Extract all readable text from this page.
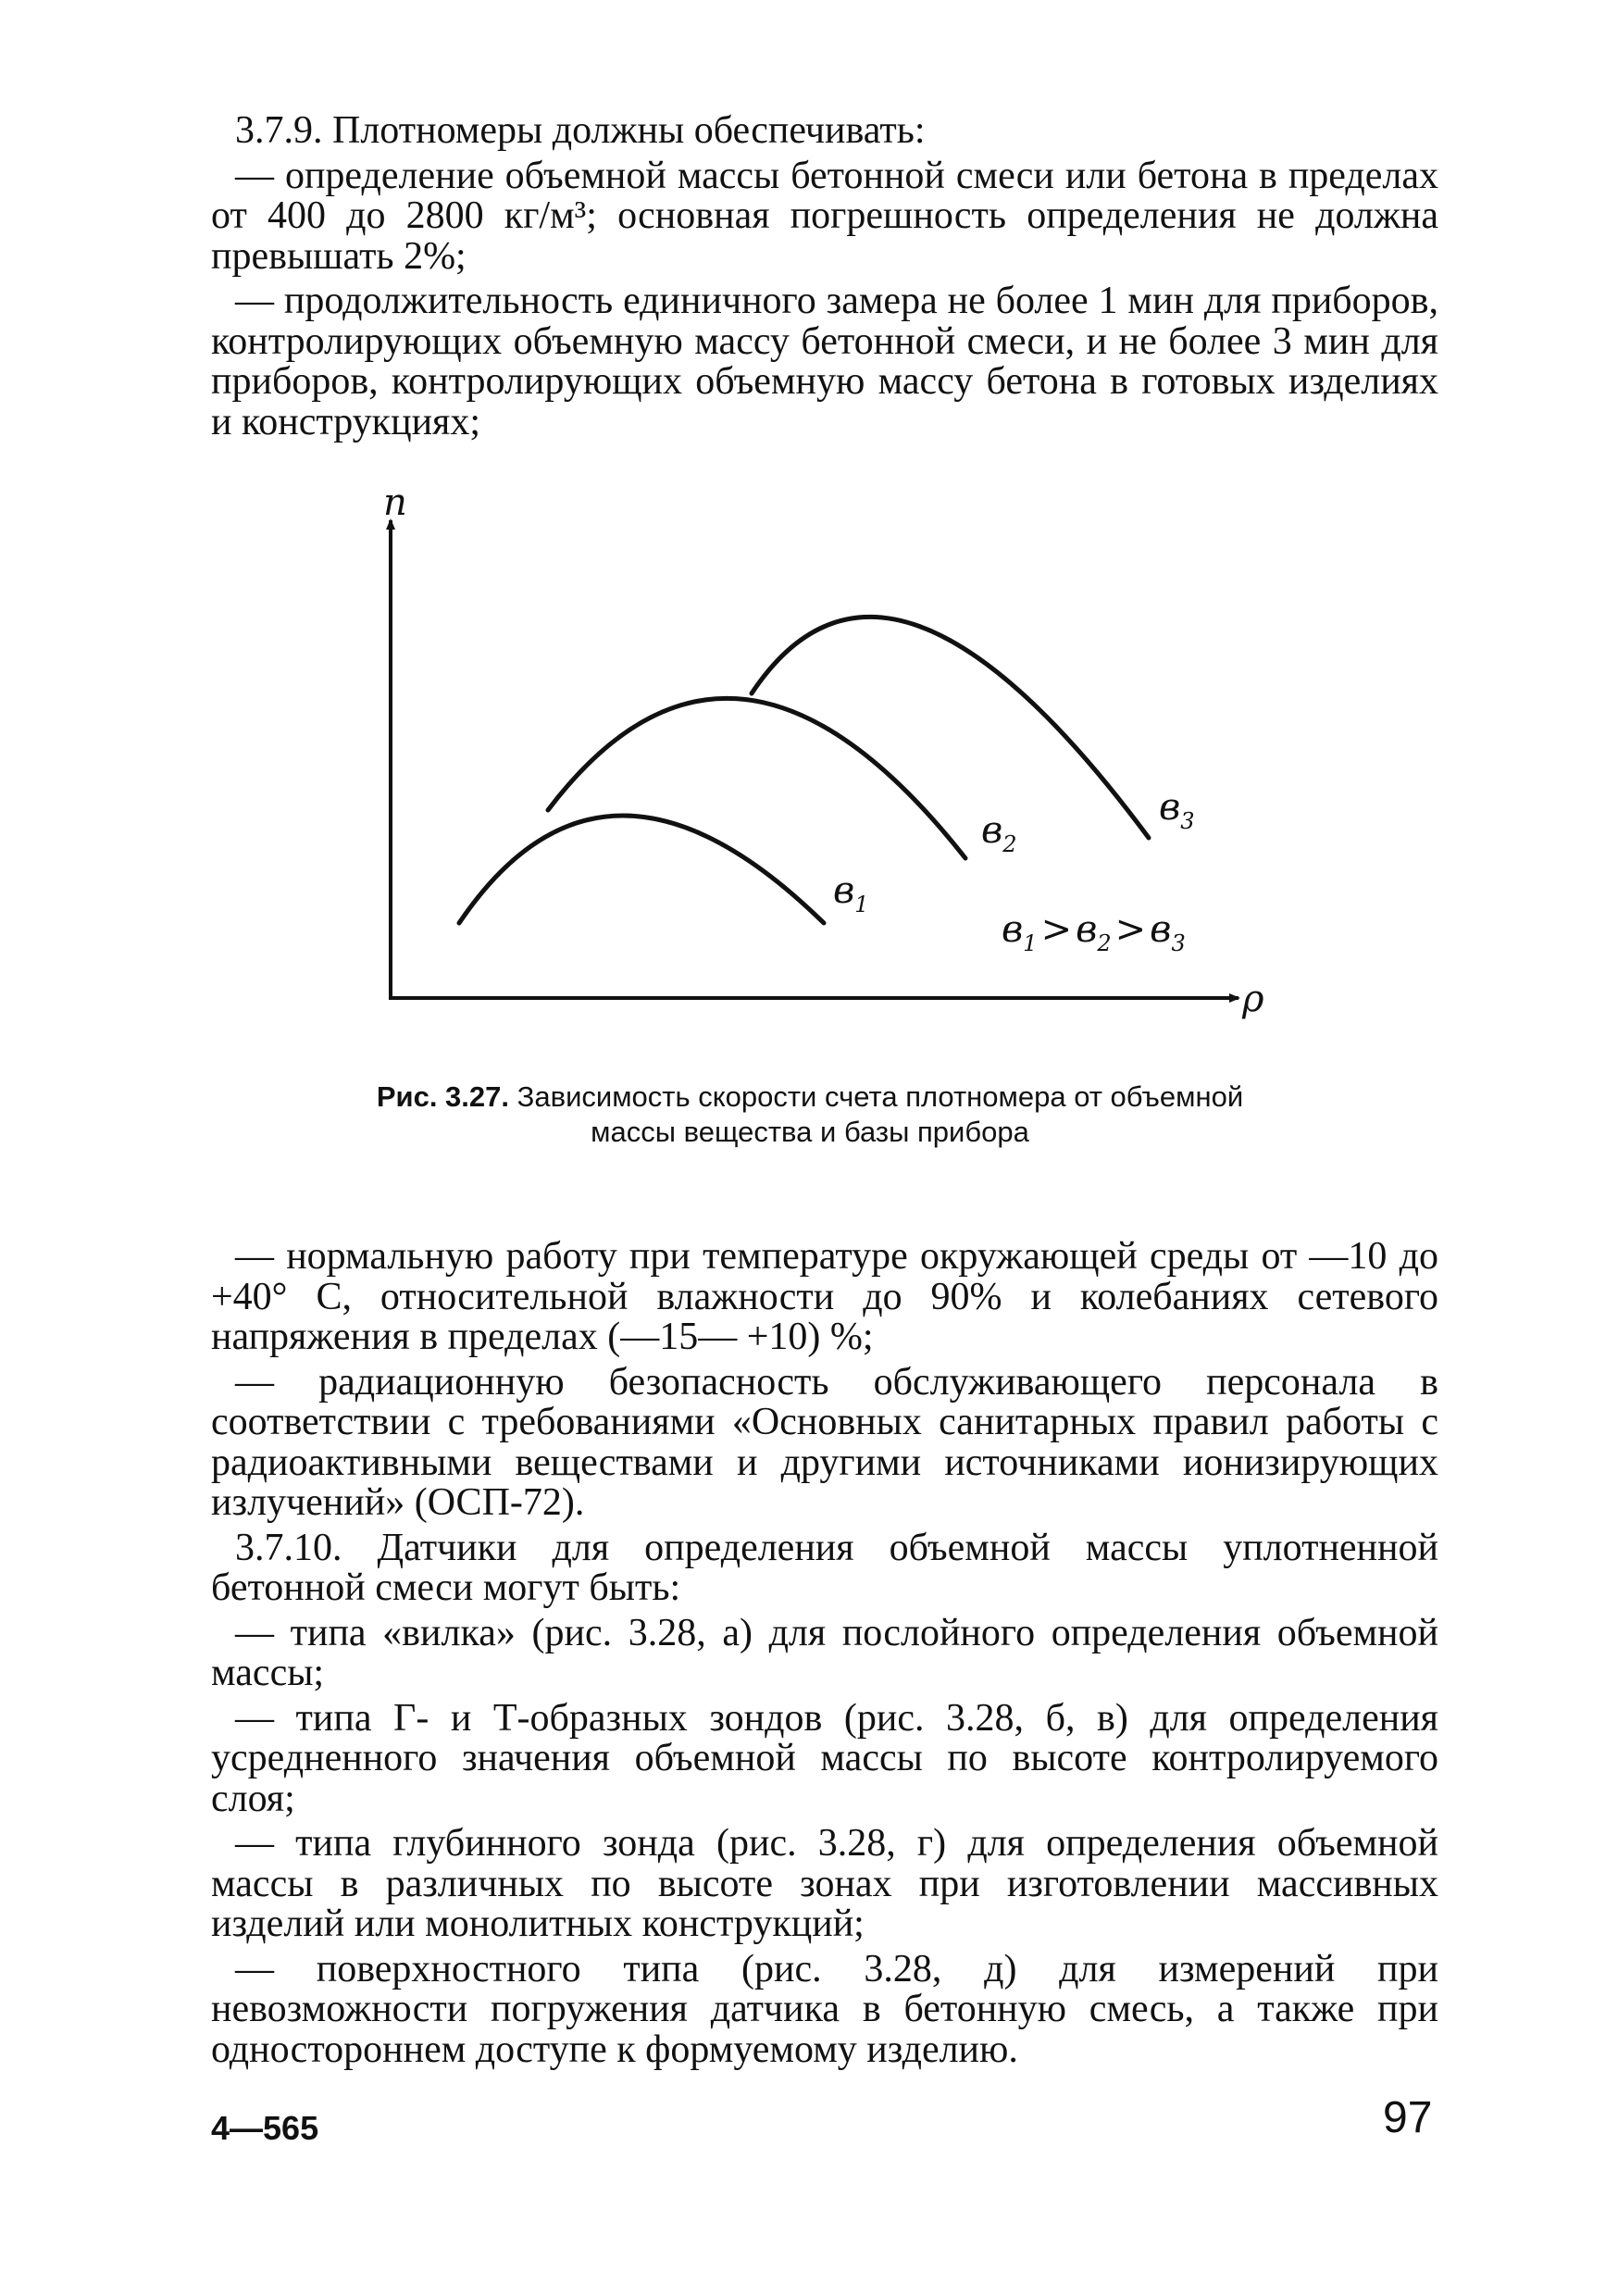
3.7.9. Плотномеры должны обеспечивать:

— определение объемной массы бетонной смеси или бетона в пределах от 400 до 2800 кг/м³; основная погрешность определения не должна превышать 2%;

— продолжительность единичного замера не более 1 мин для приборов, контролирующих объемную массу бетонной смеси, и не более 3 мин для приборов, контролирующих объемную массу бетона в готовых изделиях и конструкциях;

n
ρ
$в_1$
$в_2$
$в_3$
$в_1 > в_2 > в_3$
Рис. 3.27. Зависимость скорости счета плотномера от объемной
массы вещества и базы прибора

— нормальную работу при температуре окружающей среды от —10 до +40° С, относительной влажности до 90% и колебаниях сетевого напряжения в пределах (—15— +10) %;

— радиационную безопасность обслуживающего персонала в соответствии с требованиями «Основных санитарных правил работы с радиоактивными веществами и другими источниками ионизирующих излучений» (ОСП-72).

3.7.10. Датчики для определения объемной массы уплотненной бетонной смеси могут быть:

— типа «вилка» (рис. 3.28, а) для послойного определения объемной массы;

— типа Г- и Т-образных зондов (рис. 3.28, б, в) для определения усредненного значения объемной массы по высоте контролируемого слоя;

— типа глубинного зонда (рис. 3.28, г) для определения объемной массы в различных по высоте зонах при изготовлении массивных изделий или монолитных конструкций;

— поверхностного типа (рис. 3.28, д) для измерений при невозможности погружения датчика в бетонную смесь, а также при одностороннем доступе к формуемому изделию.

4—565	97
